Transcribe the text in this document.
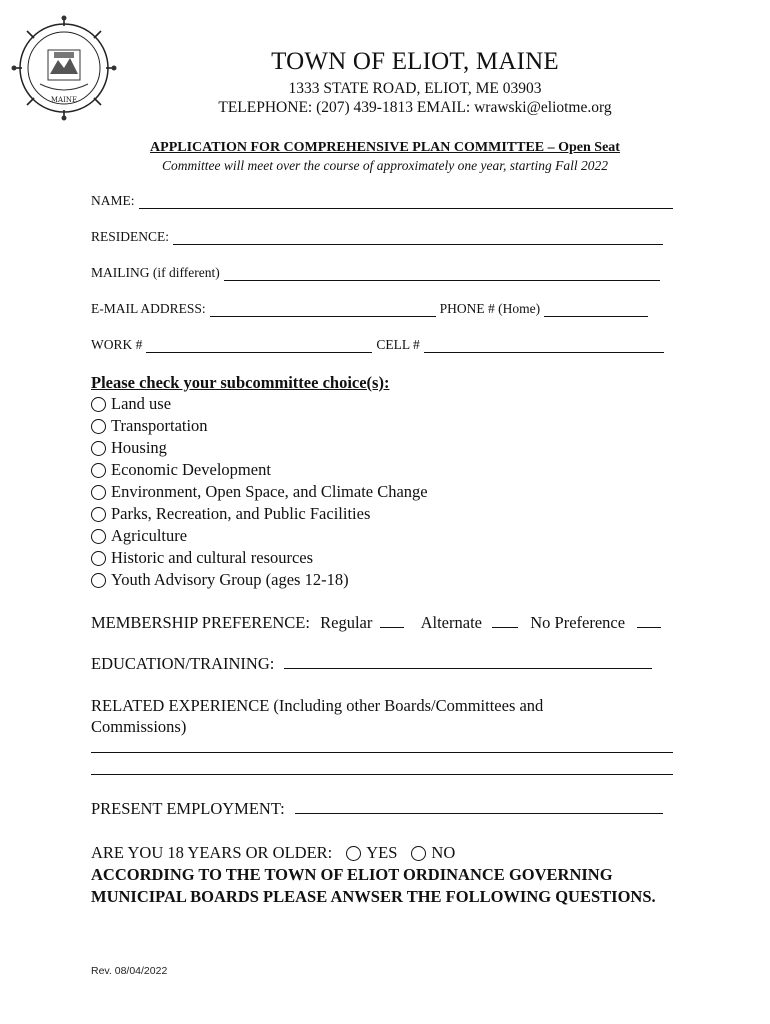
MAINE
TOWN OF ELIOT, MAINE
1333 STATE ROAD, ELIOT, ME 03903
TELEPHONE: (207) 439-1813 EMAIL: wrawski@eliotme.org
APPLICATION FOR COMPREHENSIVE PLAN COMMITTEE – Open Seat
Committee will meet over the course of approximately one year, starting Fall 2022
NAME:
RESIDENCE:
MAILING (if different)
E-MAIL ADDRESS:	PHONE # (Home)
WORK #	CELL #
Please check your subcommittee choice(s):
Land use
Transportation
Housing
Economic Development
Environment, Open Space, and Climate Change
Parks, Recreation, and Public Facilities
Agriculture
Historic and cultural resources
Youth Advisory Group (ages 12-18)
MEMBERSHIP PREFERENCE: Regular	Alternate	No Preference
EDUCATION/TRAINING:
RELATED EXPERIENCE (Including other Boards/Committees and
Commissions)
PRESENT EMPLOYMENT:
ARE YOU 18 YEARS OR OLDER: YES NO
ACCORDING TO THE TOWN OF ELIOT ORDINANCE GOVERNING MUNICIPAL BOARDS PLEASE ANWSER THE FOLLOWING QUESTIONS.
Rev. 08/04/2022
